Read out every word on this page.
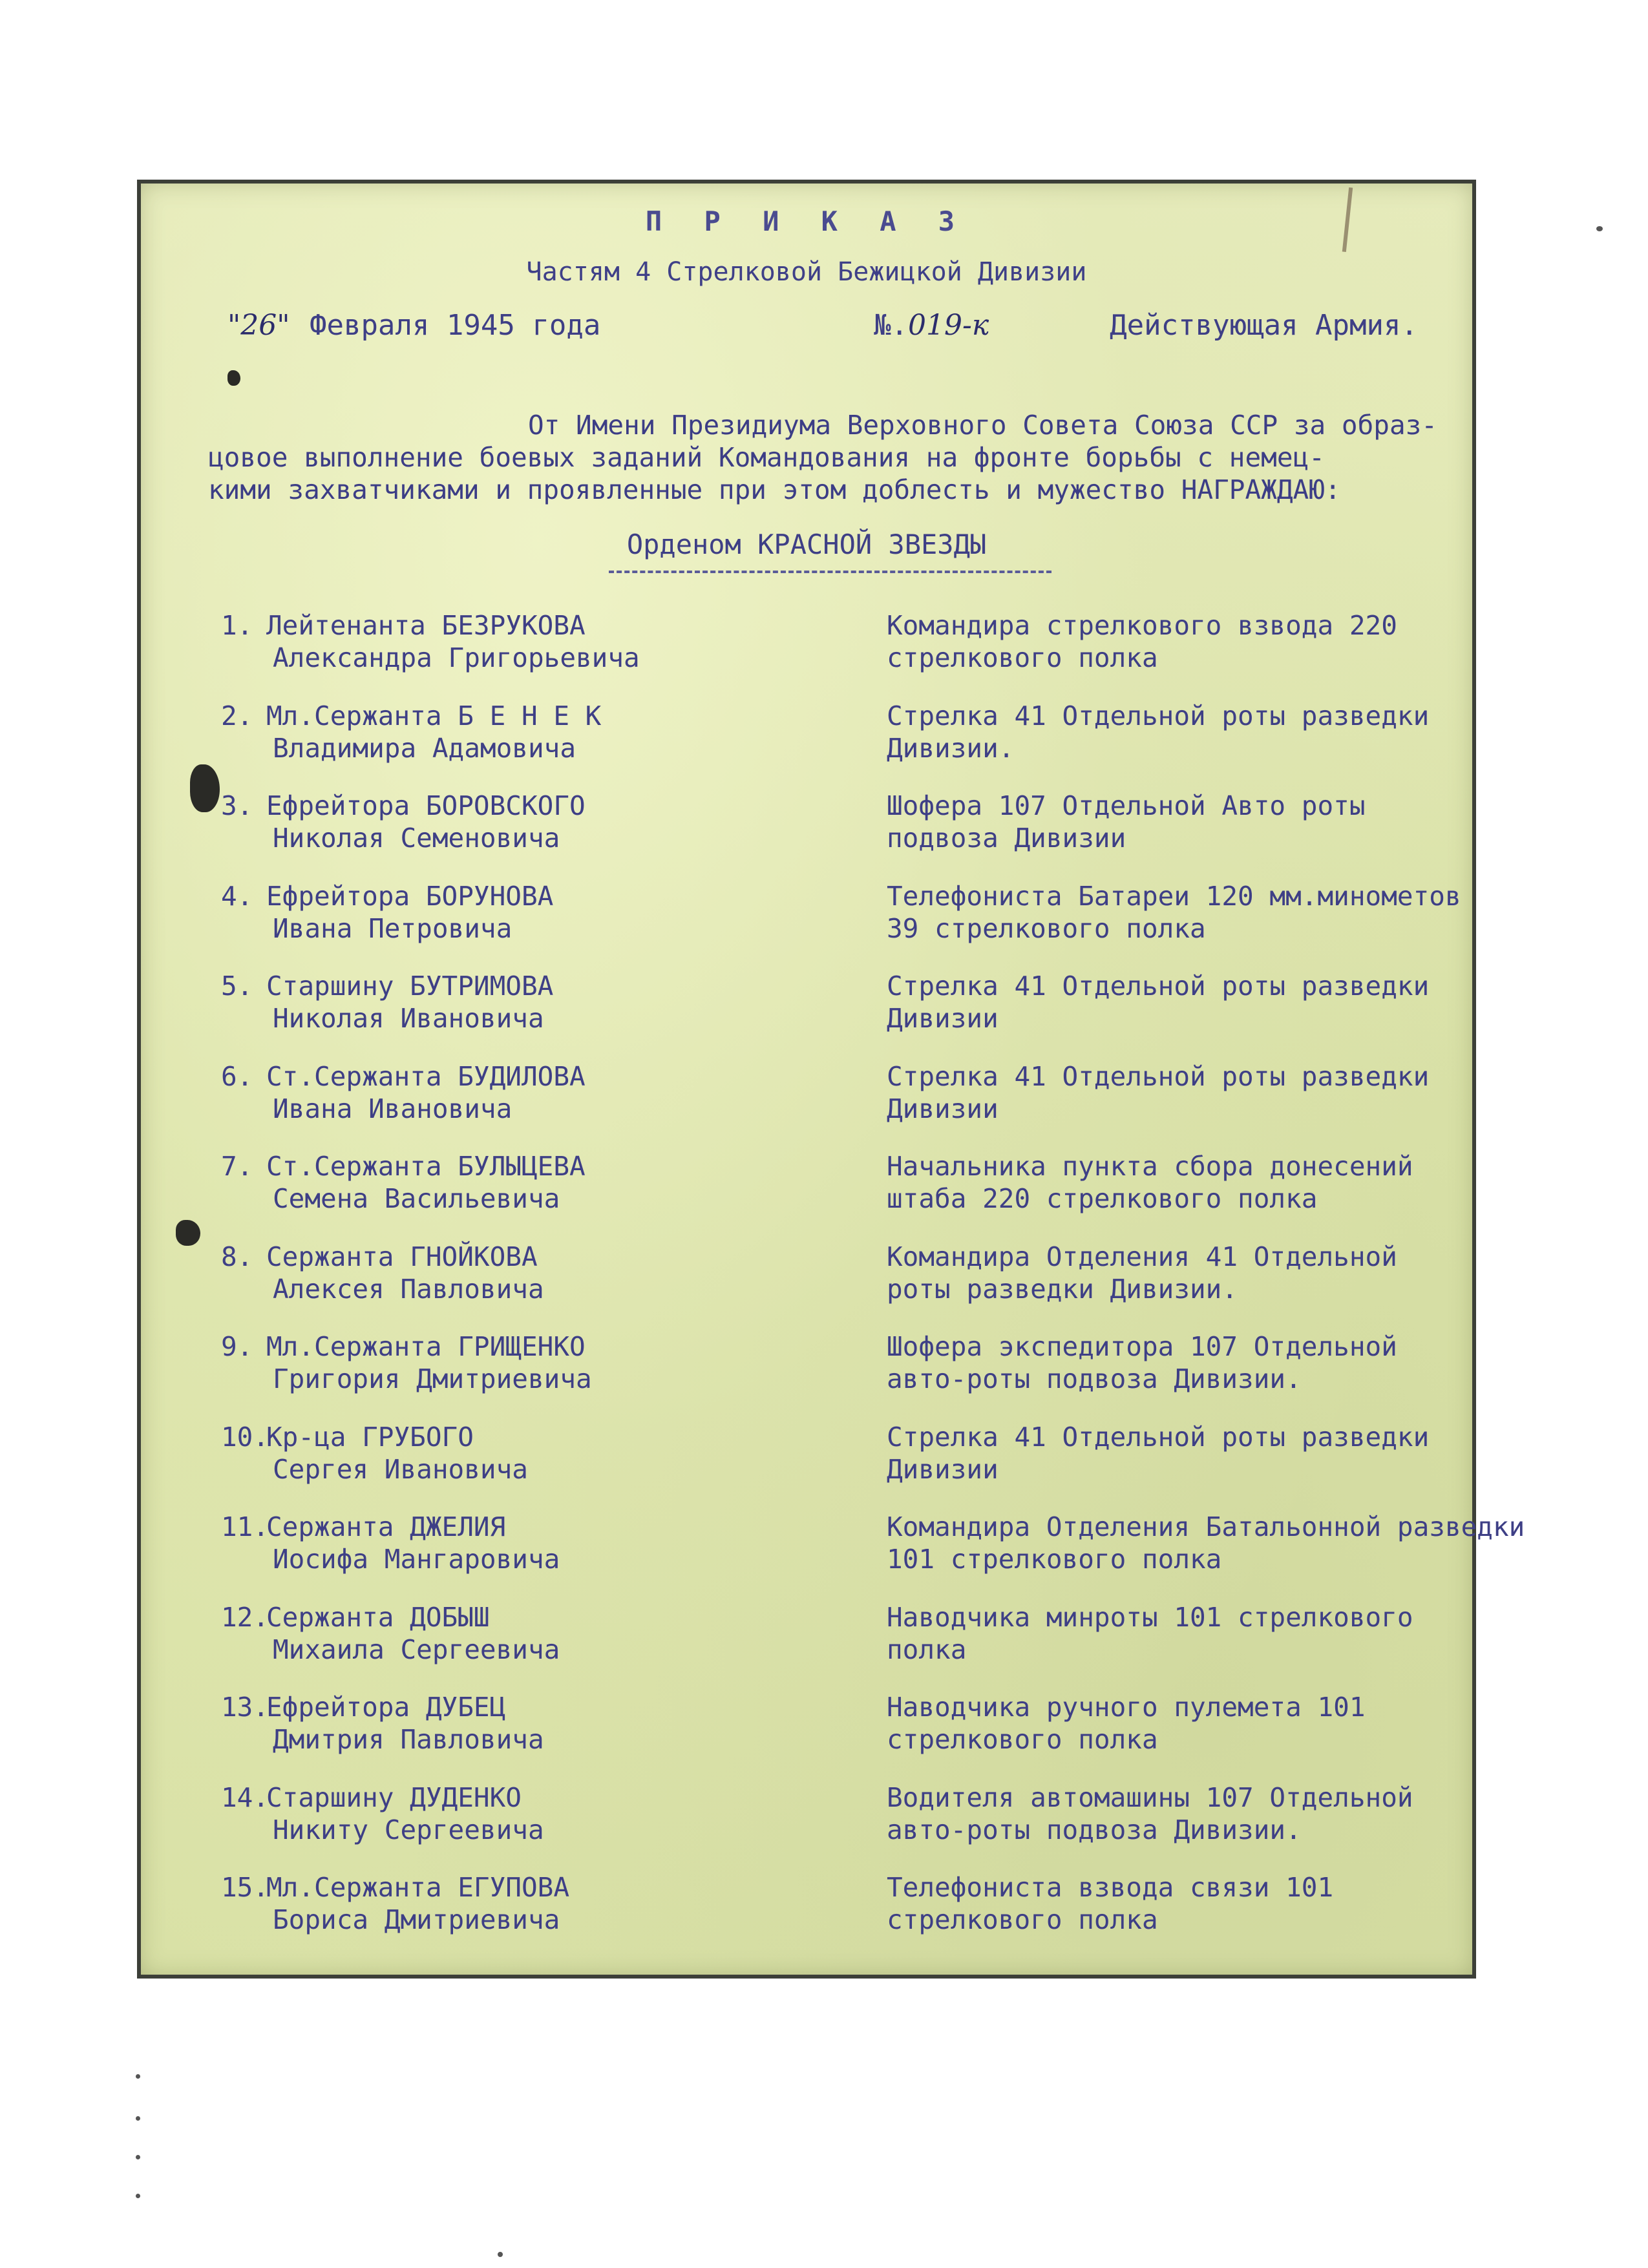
П Р И К А З
Частям 4 Стрелковой Бежицкой Дивизии
"26" Февраля 1945 года	№.019-к	Действующая Армия.
От Имени Президиума Верховного Совета Союза ССР за образ-
цовое выполнение боевых заданий Командования на фронте борьбы с немец-
кими захватчиками и проявленные при этом доблесть и мужество НАГРАЖДАЮ:
Орденом КРАСНОЙ ЗВЕЗДЫ
1. Лейтенанта БЕЗРУКОВА
Александра Григорьевича
Командира стрелкового взвода 220
стрелкового полка
2. Мл.Сержанта Б Е Н Е К
Владимира Адамовича
Стрелка 41 Отдельной роты разведки
Дивизии.
3. Ефрейтора БОРОВСКОГО
Николая Семеновича
Шофера 107 Отдельной Авто роты
подвоза Дивизии
4. Ефрейтора БОРУНОВА
Ивана Петровича
Телефониста Батареи 120 мм.минометов
39 стрелкового полка
5. Старшину БУТРИМОВА
Николая Ивановича
Стрелка 41 Отдельной роты разведки
Дивизии
6. Ст.Сержанта БУДИЛОВА
Ивана Ивановича
Стрелка 41 Отдельной роты разведки
Дивизии
7. Ст.Сержанта БУЛЫЦЕВА
Семена Васильевича
Начальника пункта сбора донесений
штаба 220 стрелкового полка
8. Сержанта ГНОЙКОВА
Алексея Павловича
Командира Отделения 41 Отдельной
роты разведки Дивизии.
9. Мл.Сержанта ГРИЩЕНКО
Григория Дмитриевича
Шофера экспедитора 107 Отдельной
авто-роты подвоза Дивизии.
10.Кр-ца ГРУБОГО
Сергея Ивановича
Стрелка 41 Отдельной роты разведки
Дивизии
11.Сержанта ДЖЕЛИЯ
Иосифа Мангаровича
Командира Отделения Батальонной разведки
101 стрелкового полка
12.Сержанта ДОБЫШ
Михаила Сергеевича
Наводчика минроты 101 стрелкового
полка
13.Ефрейтора ДУБЕЦ
Дмитрия Павловича
Наводчика ручного пулемета 101
стрелкового полка
14.Старшину ДУДЕНКО
Никиту Сергеевича
Водителя автомашины 107 Отдельной
авто-роты подвоза Дивизии.
15.Мл.Сержанта ЕГУПОВА
Бориса Дмитриевича
Телефониста взвода связи 101
стрелкового полка
